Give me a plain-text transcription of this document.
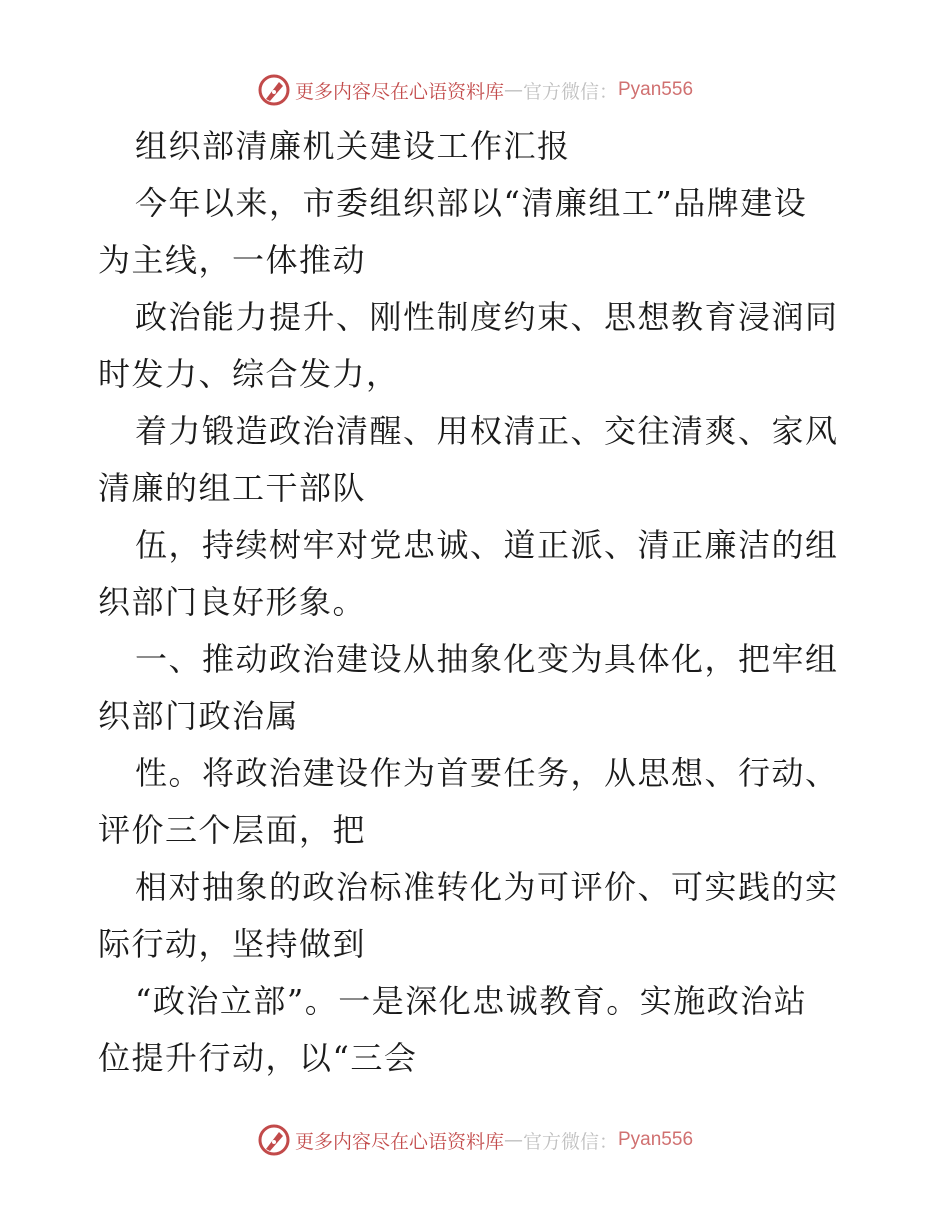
更多内容尽在心语资料库 — 官方微信： Pyan556
组织部清廉机关建设工作汇报
今年以来，市委组织部以“清廉组工”品牌建设
为主线，一体推动
政治能力提升、刚性制度约束、思想教育浸润同
时发力、综合发力，
着力锻造政治清醒、用权清正、交往清爽、家风
清廉的组工干部队
伍，持续树牢对党忠诚、道正派、清正廉洁的组
织部门良好形象。
一、推动政治建设从抽象化变为具体化，把牢组
织部门政治属
性。将政治建设作为首要任务，从思想、行动、
评价三个层面，把
相对抽象的政治标准转化为可评价、可实践的实
际行动，坚持做到
“政治立部”。一是深化忠诚教育。实施政治站
位提升行动，以“三会
更多内容尽在心语资料库 — 官方微信： Pyan556
